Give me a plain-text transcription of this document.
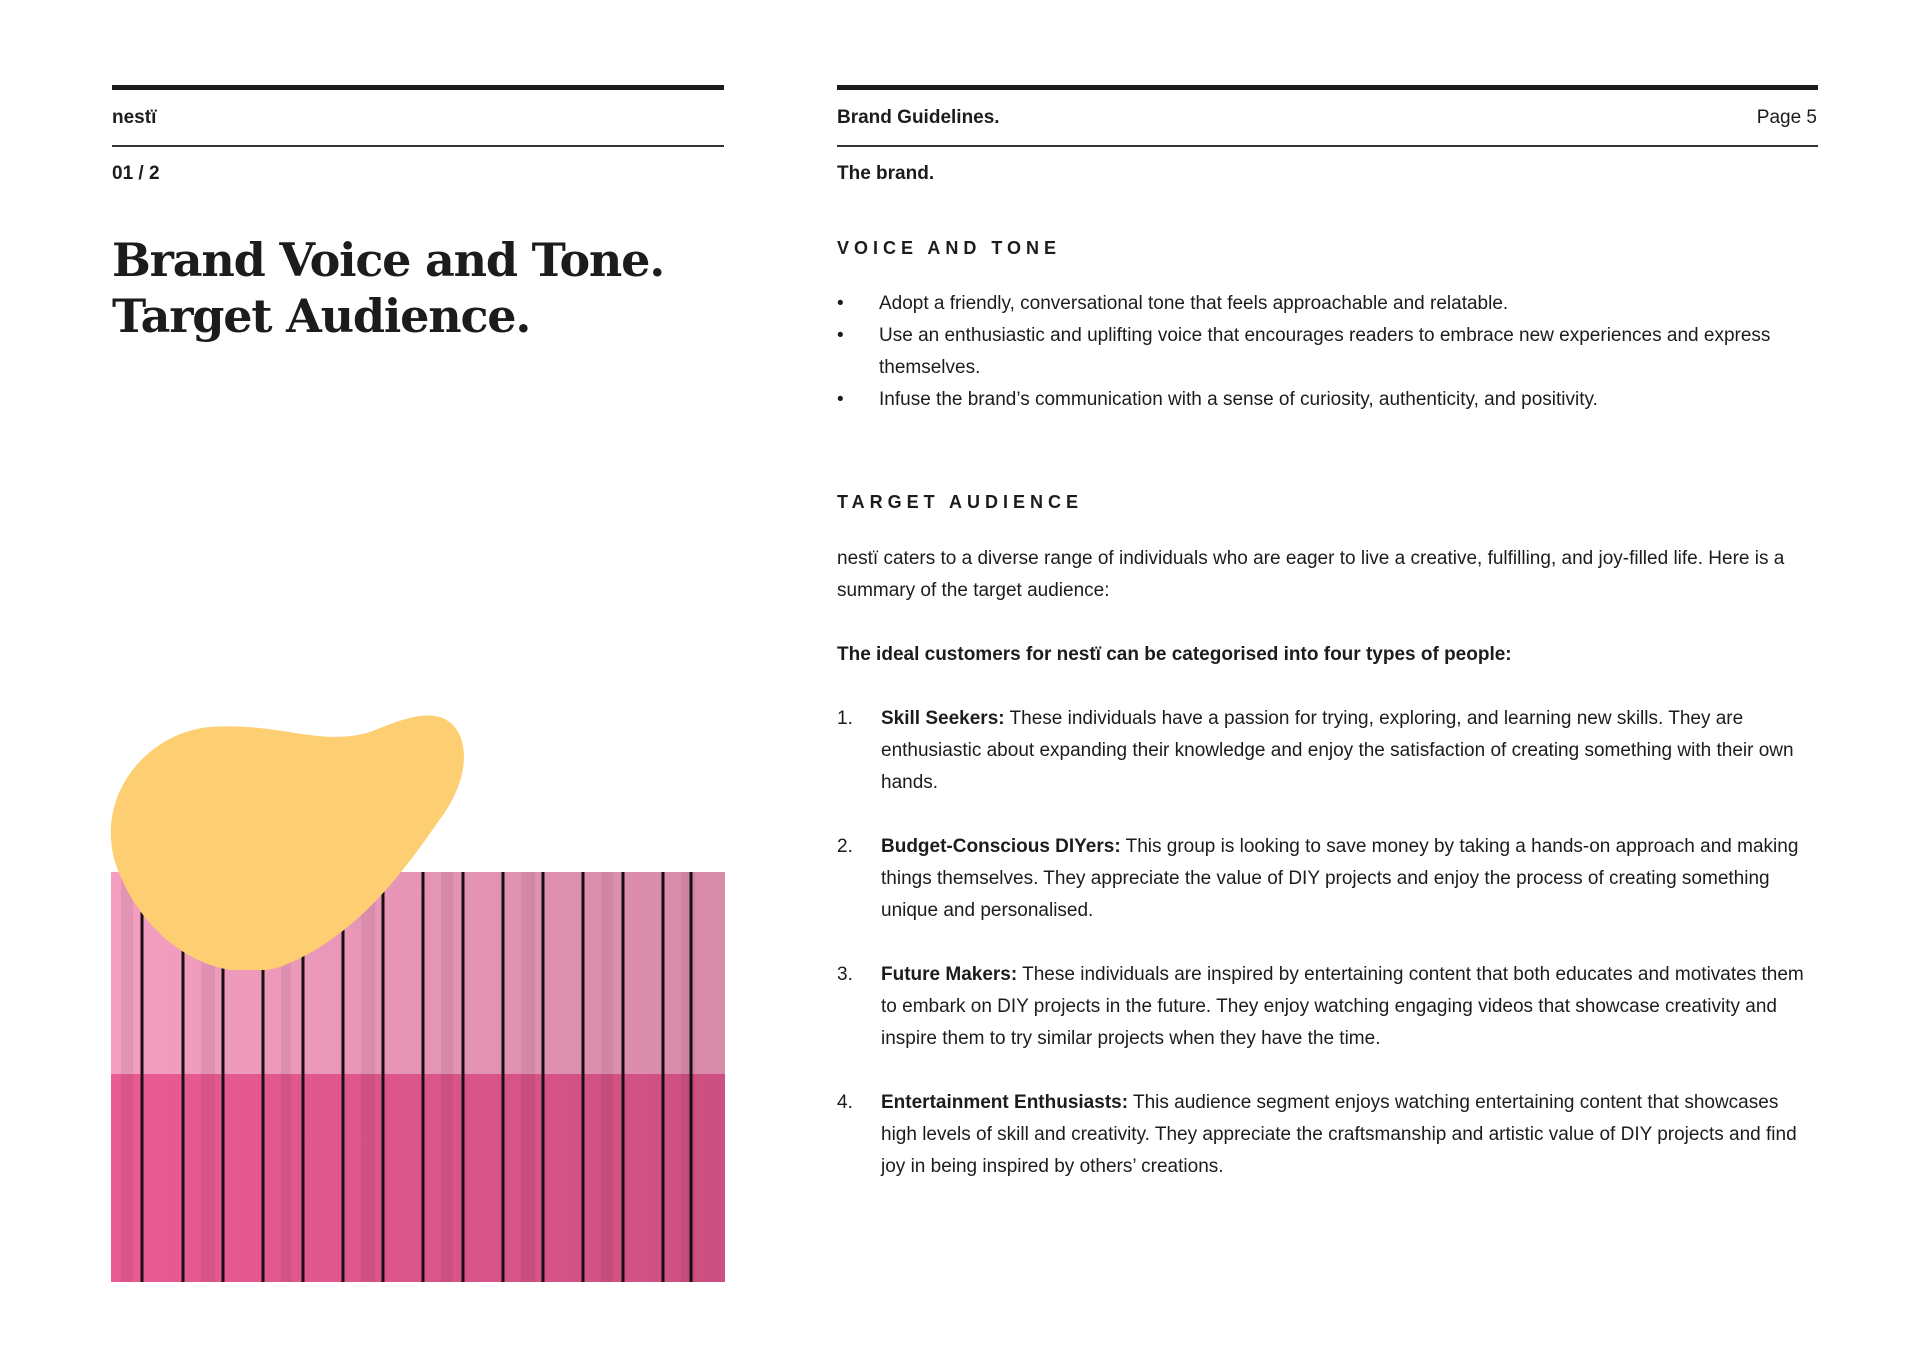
nestï
01 / 2
Brand Voice and Tone.
Target Audience.
Brand Guidelines.	Page 5
The brand.
VOICE AND TONE
•	Adopt a friendly, conversational tone that feels approachable and relatable.
•	Use an enthusiastic and uplifting voice that encourages readers to embrace new experiences and express themselves.
•	Infuse the brand’s communication with a sense of curiosity, authenticity, and positivity.
TARGET AUDIENCE

nestï caters to a diverse range of individuals who are eager to live a creative, fulfilling, and joy-filled life. Here is a summary of the target audience:

The ideal customers for nestï can be categorised into four types of people:

1.	Skill Seekers: These individuals have a passion for trying, exploring, and learning new skills. They are enthusiastic about expanding their knowledge and enjoy the satisfaction of creating something with their own hands.
2.	Budget-Conscious DIYers: This group is looking to save money by taking a hands-on approach and making things themselves. They appreciate the value of DIY projects and enjoy the process of creating something unique and personalised.
3.	Future Makers: These individuals are inspired by entertaining content that both educates and motivates them to embark on DIY projects in the future. They enjoy watching engaging videos that showcase creativity and inspire them to try similar projects when they have the time.
4.	Entertainment Enthusiasts: This audience segment enjoys watching entertaining content that showcases high levels of skill and creativity. They appreciate the craftsmanship and artistic value of DIY projects and find joy in being inspired by others’ creations.
